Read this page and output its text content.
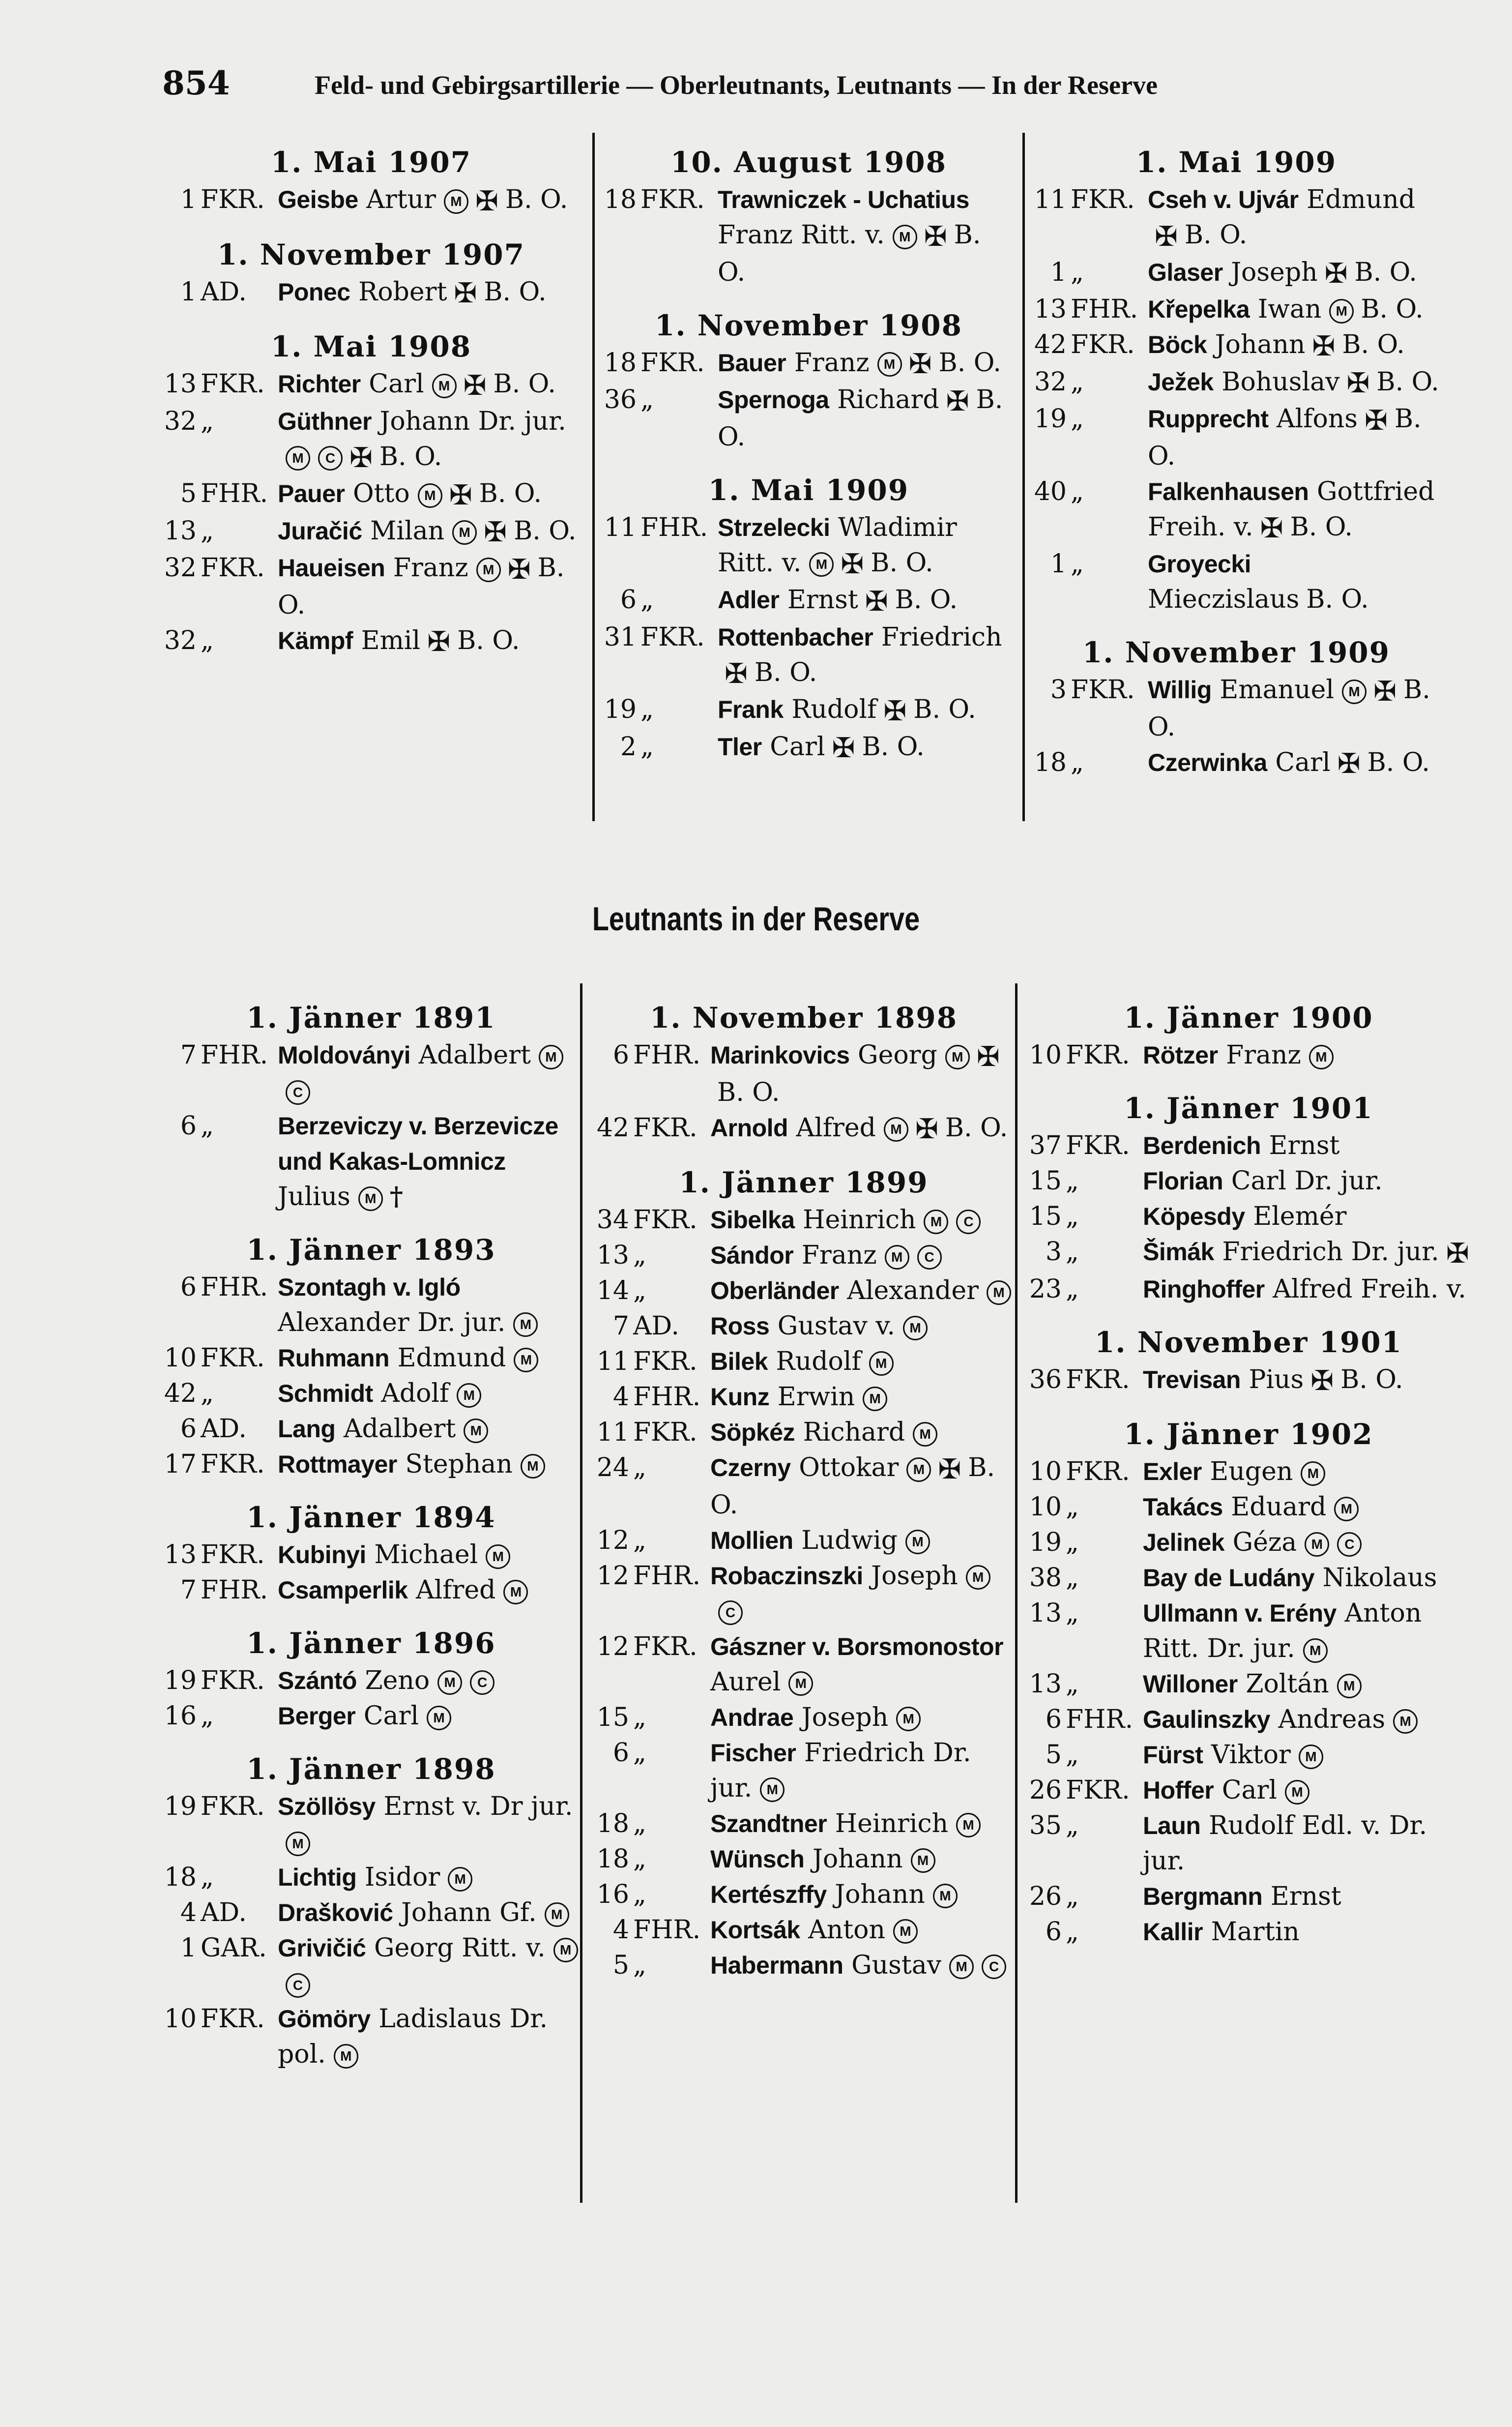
854	Feld- und Gebirgsartillerie — Oberleutnants, Leutnants — In der Reserve
1. Mai 1907
1 FKR. Geisbe Artur M ✠ B. O.
1. November 1907
1 AD. Ponec Robert ✠ B. O.
1. Mai 1908
13 FKR. Richter Carl M ✠ B. O.
32 „	Güthner Johann Dr. jur.M C ✠ B. O.
5 FHR. Pauer Otto M ✠ B. O.
13 „	Juračić Milan M ✠ B. O.
32 FKR. Haueisen Franz M ✠ B. O.
32 „	Kämpf Emil ✠ B. O.
10. August 1908
18 FKR. Trawniczek - Uchatius Franz Ritt. v. M ✠ B. O.
1. November 1908
18 FKR. Bauer Franz M ✠ B. O.
36 „	Spernoga Richard ✠ B. O.
1. Mai 1909
11 FHR. Strzelecki Wladimir Ritt. v. M ✠ B. O.
6 „	Adler Ernst ✠ B. O.
31 FKR. Rottenbacher Friedrich✠ B. O.
19 „	Frank Rudolf ✠ B. O.
2 „	Tler Carl ✠ B. O.
1. Mai 1909
11 FKR. Cseh v. Ujvár Edmund✠ B. O.
1 „	Glaser Joseph ✠ B. O.
13 FHR. Křepelka Iwan M B. O.
42 FKR. Böck Johann ✠ B. O.
32 „	Ježek Bohuslav ✠ B. O.
19 „	Rupprecht Alfons ✠ B. O.
40 „	Falkenhausen Gottfried Freih. v. ✠ B. O.
1 „	Groyecki Mieczislaus B. O.
1. November 1909
3 FKR. Willig Emanuel M ✠ B. O.
18 „	Czerwinka Carl ✠ B. O.
Leutnants in der Reserve
1. Jänner 1891
7 FHR. Moldoványi Adalbert MC
6 „	Berzeviczy v. Berzevicze und Kakas-Lomnicz Julius M †
1. Jänner 1893
6 FHR. Szontagh v. Igló Alexander Dr. jur. M
10 FKR. Ruhmann Edmund M
42 „	Schmidt Adolf M
6 AD. Lang Adalbert M
17 FKR. Rottmayer Stephan M
1. Jänner 1894
13 FKR. Kubinyi Michael M
7 FHR. Csamperlik Alfred M
1. Jänner 1896
19 FKR. Szántó Zeno M C
16 „	Berger Carl M
1. Jänner 1898
19 FKR. Szöllösy Ernst v. Dr jur.M
18 „	Lichtig Isidor M
4 AD. Drašković Johann Gf. M
1 GAR. Grivičić Georg Ritt. v. MC
10 FKR. Gömöry Ladislaus Dr. pol. M
1. November 1898
6 FHR. Marinkovics Georg M ✠B. O.
42 FKR. Arnold Alfred M ✠ B. O.
1. Jänner 1899
34 FKR. Sibelka Heinrich M C
13 „	Sándor Franz M C
14 „	Oberländer Alexander M
7 AD. Ross Gustav v. M
11 FKR. Bilek Rudolf M
4 FHR. Kunz Erwin M
11 FKR. Söpkéz Richard M
24 „	Czerny Ottokar M ✠ B. O.
12 „	Mollien Ludwig M
12 FHR. Robaczinszki Joseph MC
12 FKR. Gászner v. Borsmonostor Aurel M
15 „	Andrae Joseph M
6 „	Fischer Friedrich Dr. jur. M
18 „	Szandtner Heinrich M
18 „	Wünsch Johann M
16 „	Kertészffy Johann M
4 FHR. Kortsák Anton M
5 „	Habermann Gustav M C
1. Jänner 1900
10 FKR. Rötzer Franz M
1. Jänner 1901
37 FKR. Berdenich Ernst
15 „	Florian Carl Dr. jur.
15 „	Köpesdy Elemér
3 „	Šimák Friedrich Dr. jur. ✠
23 „	Ringhoffer Alfred Freih. v.
1. November 1901
36 FKR. Trevisan Pius ✠ B. O.
1. Jänner 1902
10 FKR. Exler Eugen M
10 „	Takács Eduard M
19 „	Jelinek Géza M C
38 „	Bay de Ludány Nikolaus
13 „	Ullmann v. Erény Anton Ritt. Dr. jur. M
13 „	Willoner Zoltán M
6 FHR. Gaulinszky Andreas M
5 „	Fürst Viktor M
26 FKR. Hoffer Carl M
35 „	Laun Rudolf Edl. v. Dr. jur.
26 „	Bergmann Ernst
6 „	Kallir Martin
